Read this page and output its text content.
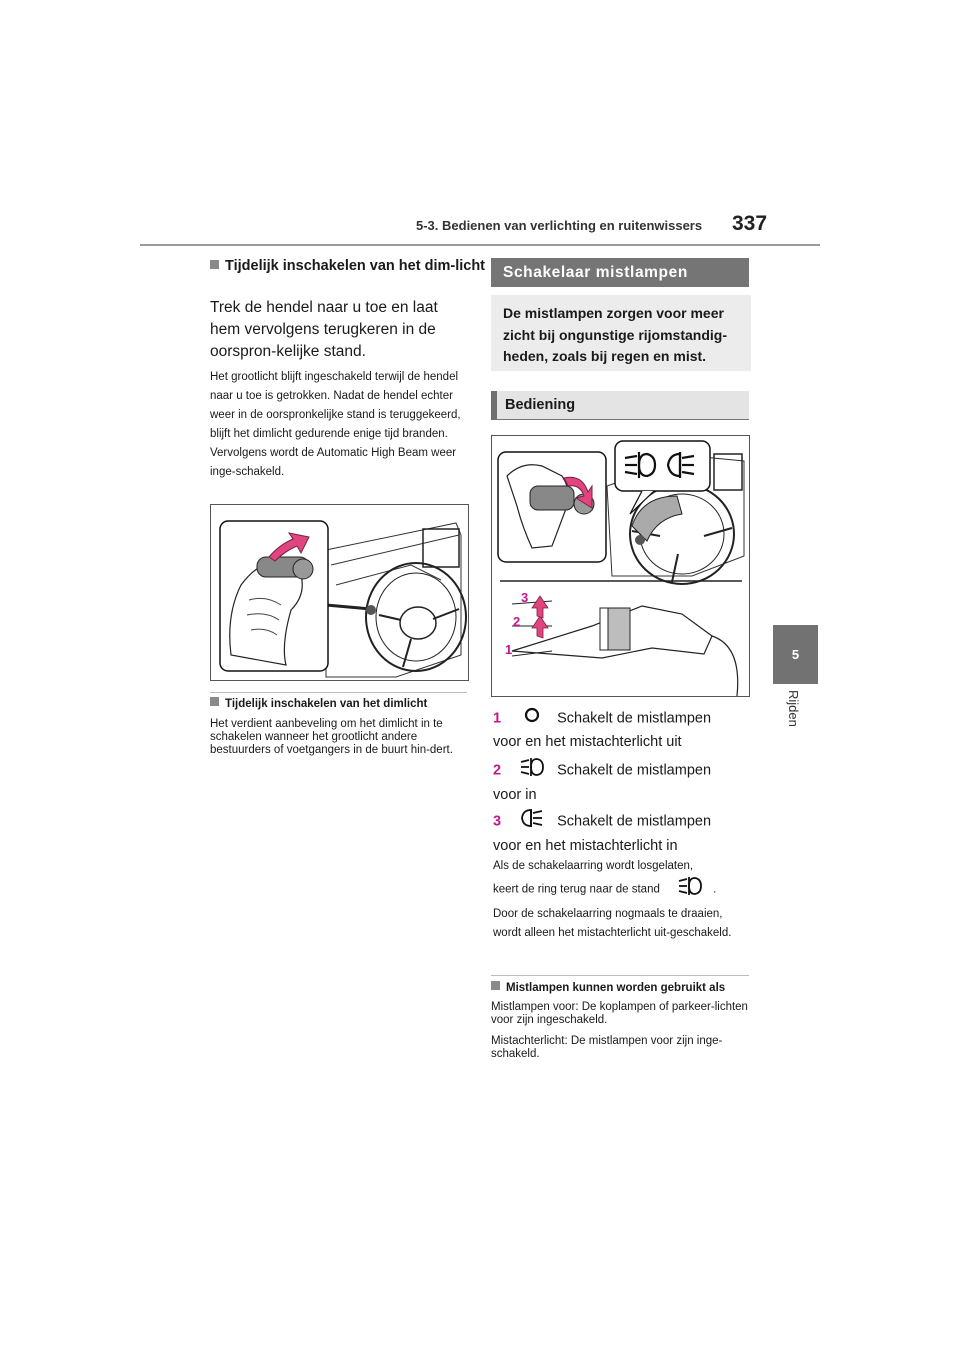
5-3. Bedienen van verlichting en ruitenwissers 337
5
Rijden
Tijdelijk inschakelen van het dim-licht
Trek de hendel naar u toe en laat hem vervolgens terugkeren in de oorspron-kelijke stand.
Het grootlicht blijft ingeschakeld terwijl de hendel naar u toe is getrokken. Nadat de hendel echter weer in de oorspronkelijke stand is teruggekeerd, blijft het dimlicht gedurende enige tijd branden. Vervolgens wordt de Automatic High Beam weer inge-schakeld.
Tijdelijk inschakelen van het dimlicht
Het verdient aanbeveling om het dimlicht in te schakelen wanneer het grootlicht andere bestuurders of voetgangers in de buurt hin-dert.
Schakelaar mistlampen
De mistlampen zorgen voor meer zicht bij ongunstige rijomstandig-heden, zoals bij regen en mist.
Bediening
1
2
3
1	Schakelt de mistlampen
voor en het mistachterlicht uit
2	Schakelt de mistlampen
voor in
3	Schakelt de mistlampen
voor en het mistachterlicht in
Als de schakelaarring wordt losgelaten,
keert de ring terug naar de stand	.
Door de schakelaarring nogmaals te draaien, wordt alleen het mistachterlicht uit-geschakeld.
Mistlampen kunnen worden gebruikt als
Mistlampen voor: De koplampen of parkeer-lichten voor zijn ingeschakeld.
Mistachterlicht: De mistlampen voor zijn inge-schakeld.
